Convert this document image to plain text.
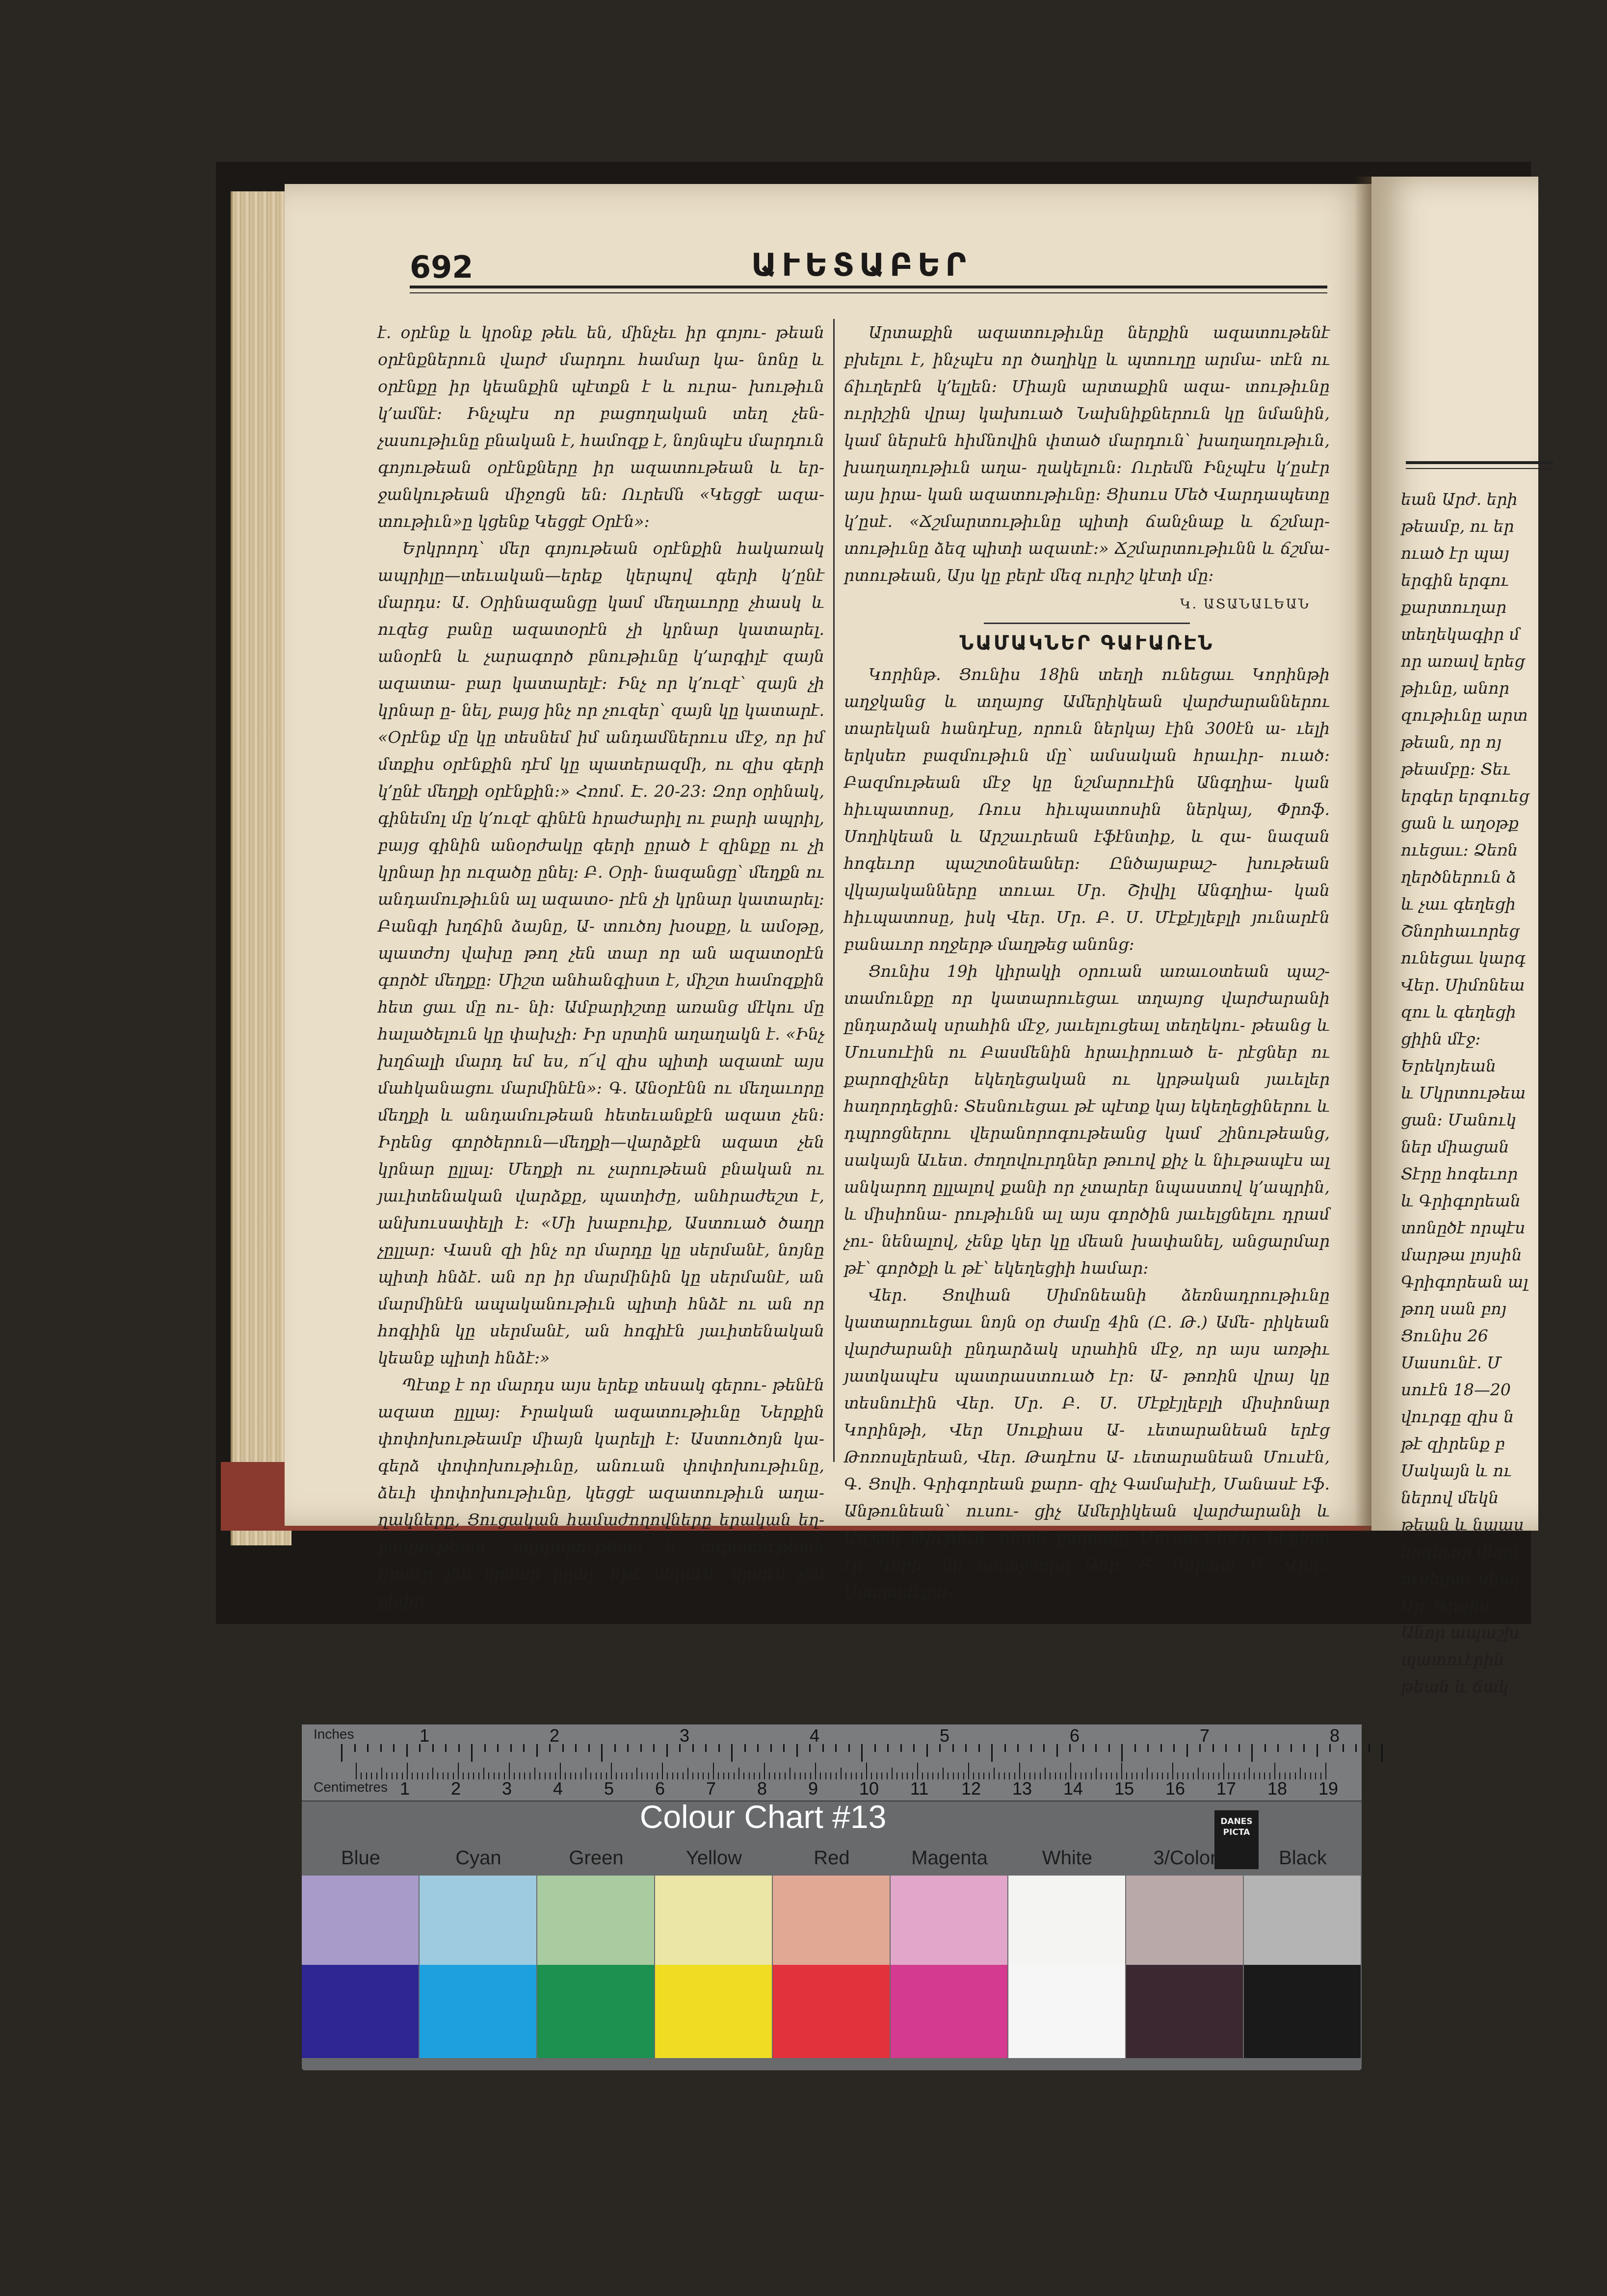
եան Արժ. երի
թեամբ, ու եր
ուած էր պայ
երգին երգու
քարտուղար
տեղեկագիր մ
որ առավ երեց
թիւնը, անոր
զութիւնը արտ
թեան, որ ոյ
թեամբը։ Տեւ
երգեր երգուեց
ցան և աղօթք
ուեցաւ։ Ձեռն
ղերծներուն ձ
և չաւ գեղեցի
Շնորհաւորեց
ունեցաւ կարգ
Վեր. Սիմոնեա
զու և գեղեցի
ցիին մէջ։
Երեկոյեան
և Մկրտութեա
ցան։ Մանուկ
ներ միացան
Տէրը հոգեւոր
և Գրիգորեան
տոնըծէ որպէս
մարթա լոյսին
Գրիգորեան ալ
թող սան բոյ
Ցունիս 26
Սասունէ. Մ
սուէն 18—20
վուրգը զիս ն
թէ զիրենք բ
Սակայն և ու
ներով մեկն
թեան և նպաս
հոգեւոր մեղմ
ունեցաւ միայ
Սր. Գրգիս
Անոր ապաշխ
պատուէրին
թեան և ճակ
692	ԱՒԵՏԱԲԵՐ

է. օրէնք և կրօնք թեև են, մինչեւ իր գոյու- թեան օրէնքներուն վարժ մարդու համար կա- նոնը և օրէնքը իր կեանքին պէտքն է և ուրա- խութիւն կ՚ամնէ։ Ինչպէս որ բացողական տեղ չեն- չասութիւնը բնական է, համոզք է, նոյնպէս մարդուն գոյութեան օրէնքները իր ազատութեան և եր- ջանկութեան միջոցն են։ Ուրեմն «Կեցցէ ազա- տութիւն»ը կցենք Կեցցէ Օրէն»։

Երկրորդ՝ մեր գոյութեան օրէնքին հակառակ ապրիլը—տեւական—երեք կերպով գերի կ՚ընէ մարդս։ Ա. Օրինազանցը կամ մեղաւորը չհասկ և ուզեց բանը ազատօրէն չի կրնար կատարել. անօրէն և չարագործ բնութիւնը կ՚արգիլէ զայն ազատա- բար կատարելէ։ Ինչ որ կ՚ուզէ՝ զայն չի կրնար ը- նել, բայց ինչ որ չուզեր՝ զայն կը կատարէ. «Օրէնք մը կը տեսնեմ իմ անդամներուս մէջ, որ իմ մտքիս օրէնքին դէմ կը պատերազմի, ու զիս գերի կ՚ընէ մեղքի օրէնքին։» Հռոմ. Է. 20-23։ Զոր օրինակ, գինեմոլ մը կ՚ուզէ գինէն հրաժարիլ ու բարի ապրիլ, բայց գինին անօրժակը գերի ըրած է զինքը ու չի կրնար իր ուզածը ընել։ Բ. Օրի- նազանցը՝ մեղքն ու անդամութիւնն ալ ազատօ- րէն չի կրնար կատարել։ Բանգի խղճին ձայնը, Ա- տուծոյ խօսքը, և ամօթը, պատժոյ վախը թող չեն տար որ ան ազատօրէն գործէ մեղքը։ Միշտ անհանգիստ է, միշտ համոզքին հետ ցաւ մը ու- նի։ Ամբարիշտը առանց մէկու մը հալածելուն կը փախչի։ Իր սրտին աղաղակն է. «Ինչ խղճալի մարդ եմ ես, ո՜վ զիս պիտի ազատէ այս մահկանացու մարմինէն»։ Գ. Անօրէնն ու մեղաւորը մեղքի և անդամութեան հետեւանքէն ազատ չեն։ Իրենց գործերուն—մեղքի—վարձքէն ազատ չեն կրնար ըլլալ։ Մեղքի ու չարութեան բնական ու յաւիտենական վարձքը, պատիժը, անհրաժեշտ է, անխուսափելի է։ «Մի խաբուիք, Աստուած ծաղր չըլլար։ Վասն զի ինչ որ մարդը կը սերմանէ, նոյնը պիտի հնձէ. ան որ իր մարմինին կը սերմանէ, ան մարմինէն ապականութիւն պիտի հնձէ ու ան որ հոգիին կը սերմանէ, ան հոգիէն յաւիտենական կեանք պիտի հնձէ։»

Պէտք է որ մարդս այս երեք տեսակ գերու- թենէն ազատ ըլլայ։ Իրական ազատութիւնը Ներքին փոփոխութեամբ միայն կարելի է։ Աստուծոյն կա- գերձ փոփոխութիւնը, անուան փոփոխութիւնը, ձեւի փոփոխութիւնը, կեցցէ ազատութիւն աղա- ղակները, Ցուցական համաժողովները երական եղ- բայրութեան, արդարութեան և ազատութեան դրաւը չեն կրնար ըլլալ, եթէ ներսէն, սրտէն չեն բխիր։

Արտաքին ազատութիւնը ներքին ազատութենէ բխելու է, ինչպէս որ ծաղիկը և պտուղը արմա- տէն ու ճիւղերէն կ՚ելլեն։ Միայն արտաքին ազա- տութիւնը ուրիշին վրայ կախուած Նախնիքներուն կը նմանին, կամ ներսէն հիմնովին փտած մարդուն՝ խաղաղութիւն, խաղաղութիւն աղա- ղակելուն։ Ուրեմն Ինչպէս կ՚ըսէր այս իրա- կան ազատութիւնը։ Ցիսուս Մեծ Վարդապետը կ՚ըսէ. «Ճշմարտութիւնը պիտի ճանչնաք և ճշմար- տութիւնը ձեզ պիտի ազատէ։» Ճշմարտութիւնն և ճշմա- րտութեան, Այս կը բերէ մեզ ուրիշ կէտի մը։

Կ. ԱՏԱՆԱԼԵԱՆ
ՆԱՄԱԿՆԵՐ ԳԱՒԱՌԷՆ

Կորինթ. Ցունիս 18ին տեղի ունեցաւ Կորինթի աղջկանց և տղայոց Ամերիկեան վարժարաններու տարեկան հանդէսը, որուն ներկայ էին 300էն ա- ւելի երկսեռ բազմութիւն մը՝ ամսական հրաւիր- ուած։ Բազմութեան մէջ կը նշմարուէին Անգղիա- կան հիւպատոսը, Ռուս հիւպատոսին ներկայ, Փրոֆ. Սողիկեան և Արշաւրեան էֆէնտիք, և զա- նազան հոգեւոր պաշտօնեաներ։ Ընծայաբաշ- խութեան վկայականները տուաւ Մր. Շիվիլ Անգղիա- կան հիւպատոսը, իսկ Վեր. Մր. Բ. Ս. Մէքէյլեբլի յունարէն բանաւոր ողջերթ մաղթեց անոնց։

Ցունիս 19ի կիրակի օրուան առաւօտեան պաշ- տամունքը որ կատարուեցաւ տղայոց վարժարանի ընդարձակ սրահին մէջ, յաւելուցեալ տեղեկու- թեանց և Մուսուէին ու Բասմենին հրաւիրուած ե- րէցներ ու քարոզիչներ եկեղեցական ու կրթական յաւելեր հաղորդեցին։ Տեսնուեցաւ թէ պէտք կայ եկեղեցիներու և դպրոցներու վերանորոգութեանց կամ շինութեանց, սակայն Աւետ. ժողովուրդներ թուով քիչ և նիւթապէս ալ անկարող ըլլալով քանի որ չտարեր նպաստով կ՚ապրին, և միսիոնա- րութիւնն ալ այս գործին յաւելցնելու դրամ չու- նենալով, չենք կեր կը մեան խափանել, անցարմար թէ՝ գործքի և թէ՝ եկեղեցիի համար։

Վեր. Ցովհան Սիմոնեանի ձեռնադրութիւնը կատարուեցաւ նոյն օր ժամը 4ին (Ը. Թ.) Ամե- րիկեան վարժարանի ընդարձակ սրահին մէջ, որ այս առթիւ յատկապէս պատրաստուած էր։ Ա- թոռին վրայ կը տեսնուէին Վեր. Մր. Բ. Ս. Մէքէյլեբլի միսիոնար Կորինթի, Վեր Սուքիաս Ա- ւետարանեան երէց Թոռոսլերեան, Վեր. Թադէոս Ա- ւետարանեան Մուսէն, Գ. Ցովհ. Գրիգորեան քարո- զիչ Գամախէի, Մանասէ էֆ. Անթունեան՝ ուսու- ցիչ Ամերիկեան վարժարանի և Արշակ Թիւթիւն- ճեան քարոզիչ Մուսա-Բեյէի։ Ներկայ էր Կորի- նի առաջնորդ Գեր. Տ. Սմբատ Մ. Վրդ., Սատամէքա-

Inches
Centimetres
1	2	3	4	5	6	7	8
1 2 3 4 5 6 7 8 9 10 11 12 13 14 15 16 17 18 19
Colour Chart #13	DANES PICTA
Blue	Cyan	Green	Yellow	Red	Magenta	White	3/Color	Black
